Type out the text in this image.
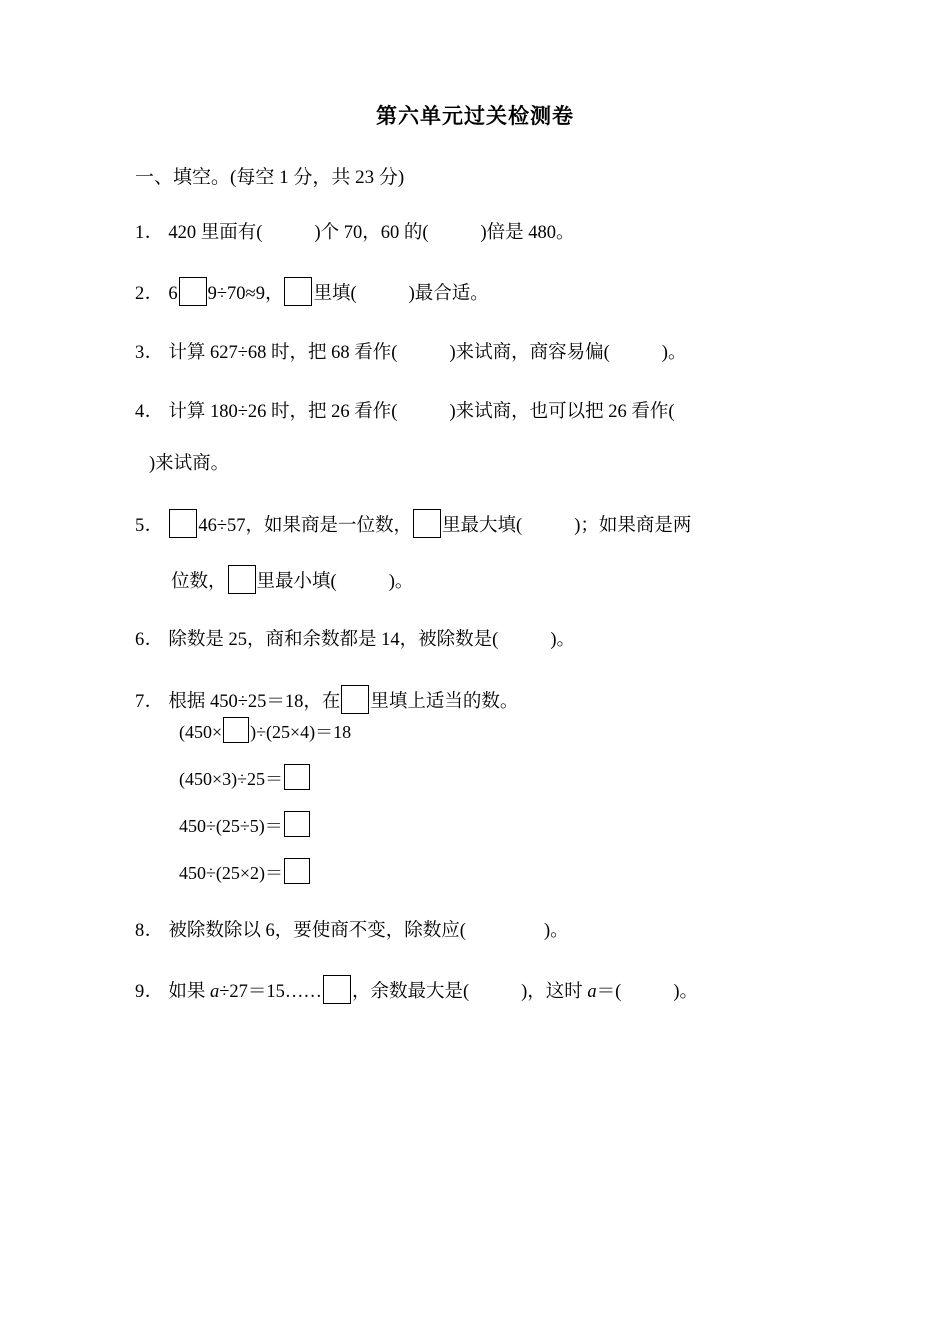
第六单元过关检测卷
一、填空。(每空 1 分，共 23 分)
1． 420 里面有(	)个 70，60 的(	)倍是 480。
2． 6 9÷70≈9， 里填(	)最合适。
3． 计算 627÷68 时，把 68 看作(	)来试商，商容易偏(	)。
4． 计算 180÷26 时，把 26 看作(	)来试商，也可以把 26 看作(
)来试商。
5． 46÷57，如果商是一位数， 里最大填(	)；如果商是两
位数， 里最小填(	)。
6． 除数是 25，商和余数都是 14，被除数是(	)。
7． 根据 450÷25＝18，在 里填上适当的数。
(450× )÷(25×4)＝18
(450×3)÷25＝
450÷(25÷5)＝
450÷(25×2)＝
8． 被除数除以 6，要使商不变，除数应(	)。
9． 如果 a÷27＝15…… ，余数最大是(	)，这时 a＝(	)。
